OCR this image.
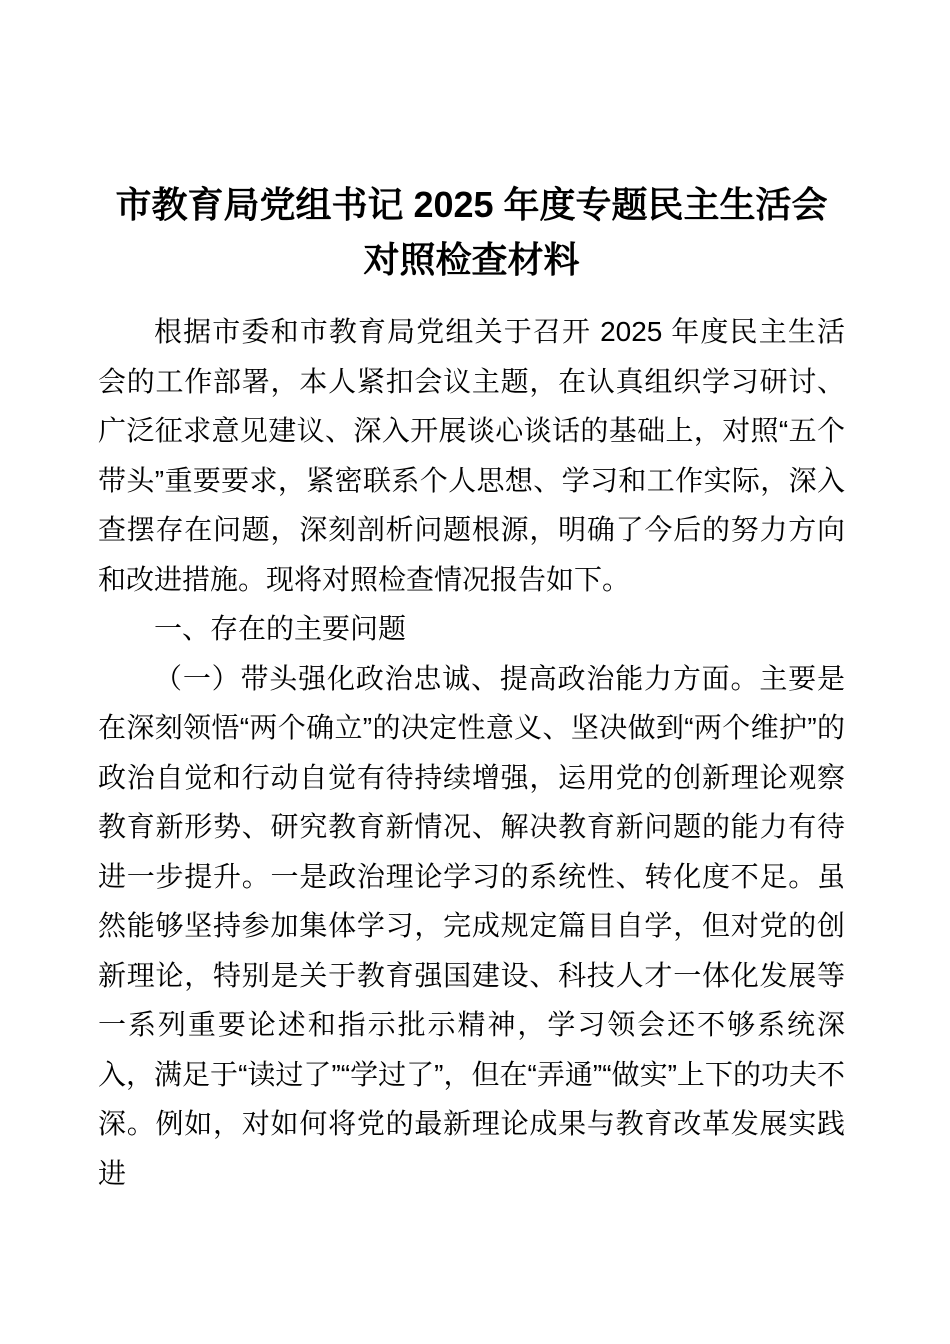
市教育局党组书记 2025 年度专题民主生活会
对照检查材料

根据市委和市教育局党组关于召开 2025 年度民主生活会的工作部署，本人紧扣会议主题，在认真组织学习研讨、广泛征求意见建议、深入开展谈心谈话的基础上，对照“五个带头”重要要求，紧密联系个人思想、学习和工作实际，深入查摆存在问题，深刻剖析问题根源，明确了今后的努力方向和改进措施。现将对照检查情况报告如下。

一、存在的主要问题

（一）带头强化政治忠诚、提高政治能力方面。主要是在深刻领悟“两个确立”的决定性意义、坚决做到“两个维护”的政治自觉和行动自觉有待持续增强，运用党的创新理论观察教育新形势、研究教育新情况、解决教育新问题的能力有待进一步提升。一是政治理论学习的系统性、转化度不足。虽然能够坚持参加集体学习，完成规定篇目自学，但对党的创新理论，特别是关于教育强国建设、科技人才一体化发展等一系列重要论述和指示批示精神，学习领会还不够系统深入，满足于“读过了”“学过了”，但在“弄通”“做实”上下的功夫不深。例如，对如何将党的最新理论成果与教育改革发展实践进
